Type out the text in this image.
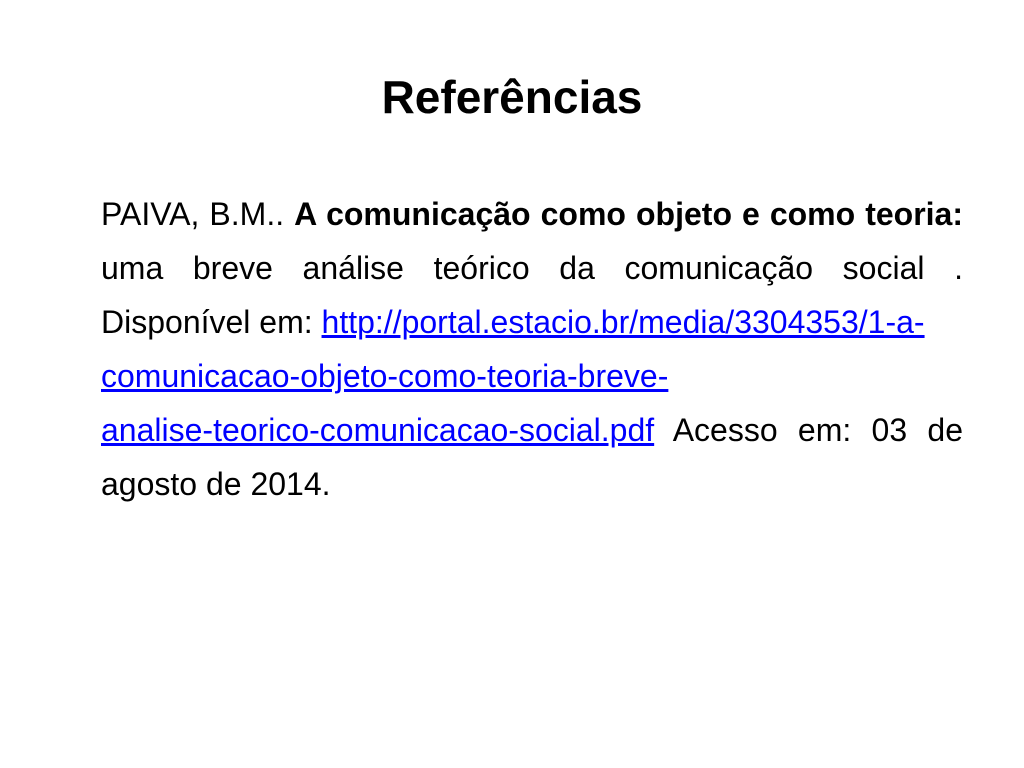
Referências

PAIVA, B.M.. A comunicação como objeto e como teoria: uma breve análise teórico da comunicação social . Disponível em: http://portal.estacio.br/media/3304353/1-a-
comunicacao-objeto-como-teoria-breve-
analise-teorico-comunicacao-social.pdf Acesso em: 03 de agosto de 2014.
